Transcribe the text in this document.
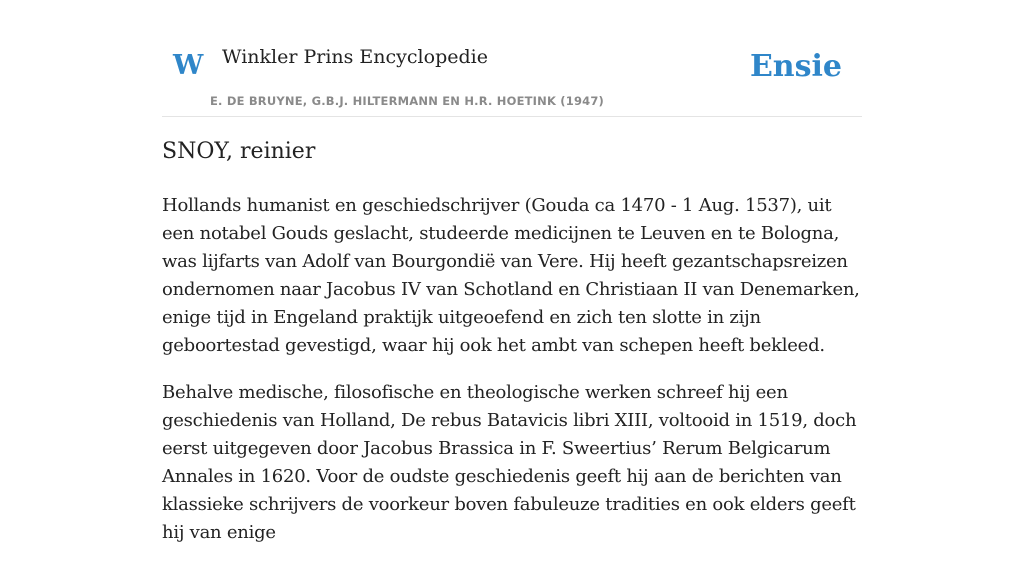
W Winkler Prins Encyclopedie
E. DE BRUYNE, G.B.J. HILTERMANN EN H.R. HOETINK (1947)
Ensie
SNOY, reinier

Hollands humanist en geschiedschrijver (Gouda ca 1470 - 1 Aug. 1537), uit een notabel Gouds geslacht, studeerde medicijnen te Leuven en te Bologna, was lijfarts van Adolf van Bourgondië van Vere. Hij heeft gezantschapsreizen ondernomen naar Jacobus IV van Schotland en Christiaan II van Denemarken, enige tijd in Engeland praktijk uitgeoefend en zich ten slotte in zijn geboortestad gevestigd, waar hij ook het ambt van schepen heeft bekleed.

Behalve medische, filosofische en theologische werken schreef hij een geschiedenis van Holland, De rebus Batavicis libri XIII, voltooid in 1519, doch eerst uitgegeven door Jacobus Brassica in F. Sweertius’ Rerum Belgicarum Annales in 1620. Voor de oudste geschiedenis geeft hij aan de berichten van klassieke schrijvers de voorkeur boven fabuleuze tradities en ook elders geeft hij van enige
